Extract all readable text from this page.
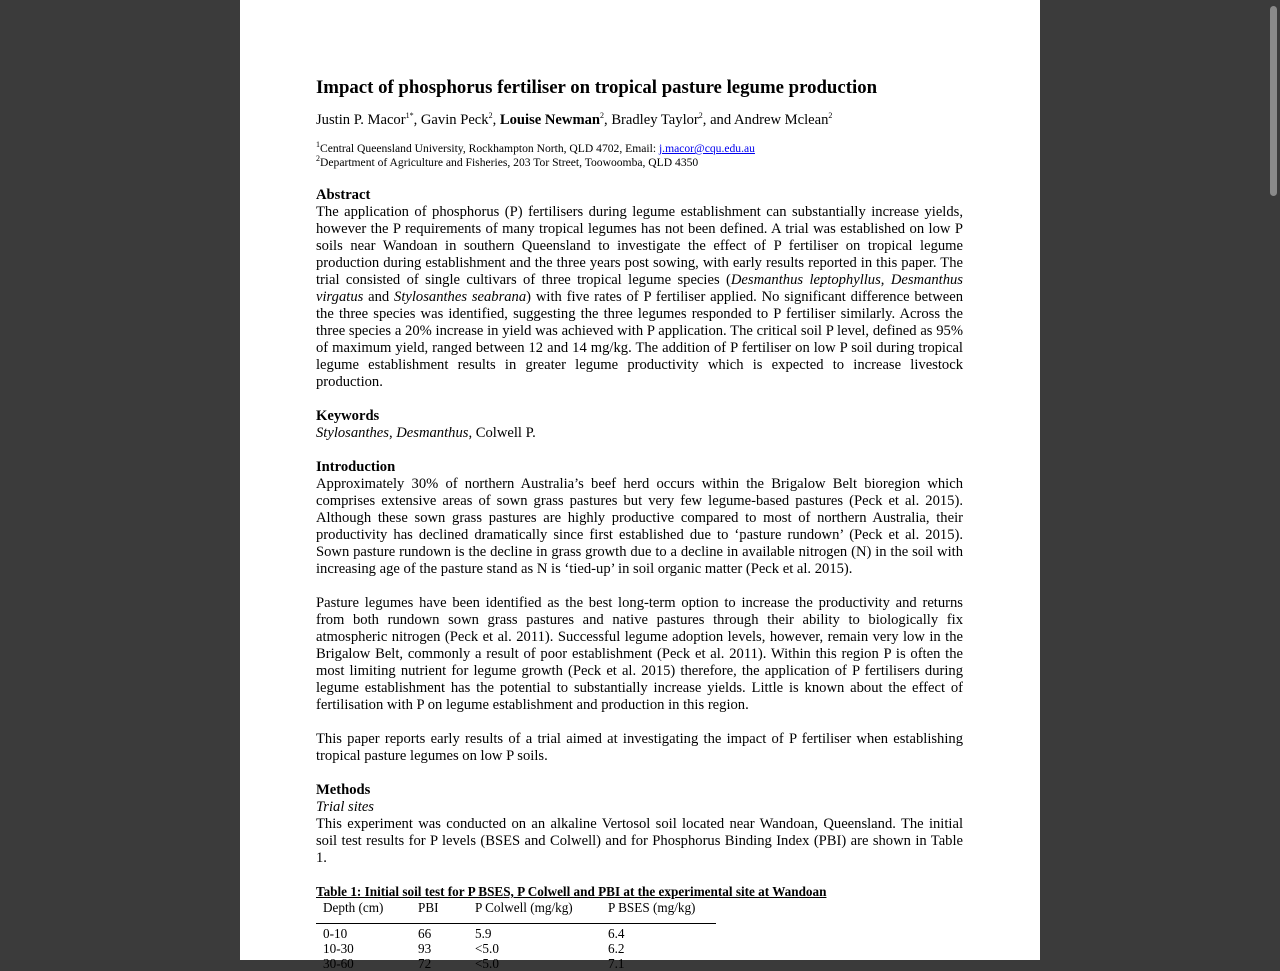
Impact of phosphorus fertiliser on tropical pasture legume production
Justin P. Macor$^{1*}$, Gavin Peck$^2$, Louise Newman$^2$, Bradley Taylor$^2$, and Andrew Mclean$^2$
$^1$Central Queensland University, Rockhampton North, QLD 4702, Email: j.macor@cqu.edu.au
$^2$Department of Agriculture and Fisheries, 203 Tor Street, Toowoomba, QLD 4350
Abstract

The application of phosphorus (P) fertilisers during legume establishment can substantially increase yields, however the P requirements of many tropical legumes has not been defined. A trial was established on low P soils near Wandoan in southern Queensland to investigate the effect of P fertiliser on tropical legume production during establishment and the three years post sowing, with early results reported in this paper. The trial consisted of single cultivars of three tropical legume species (Desmanthus leptophyllus, Desmanthus virgatus and Stylosanthes seabrana) with five rates of P fertiliser applied. No significant difference between the three species was identified, suggesting the three legumes responded to P fertiliser similarly. Across the three species a 20% increase in yield was achieved with P application. The critical soil P level, defined as 95% of maximum yield, ranged between 12 and 14 mg/kg. The addition of P fertiliser on low P soil during tropical legume establishment results in greater legume productivity which is expected to increase livestock production.

Keywords

Stylosanthes, Desmanthus, Colwell P.

Introduction

Approximately 30% of northern Australia’s beef herd occurs within the Brigalow Belt bioregion which comprises extensive areas of sown grass pastures but very few legume-based pastures (Peck et al. 2015). Although these sown grass pastures are highly productive compared to most of northern Australia, their productivity has declined dramatically since first established due to ‘pasture rundown’ (Peck et al. 2015). Sown pasture rundown is the decline in grass growth due to a decline in available nitrogen (N) in the soil with increasing age of the pasture stand as N is ‘tied-up’ in soil organic matter (Peck et al. 2015).

Pasture legumes have been identified as the best long-term option to increase the productivity and returns from both rundown sown grass pastures and native pastures through their ability to biologically fix atmospheric nitrogen (Peck et al. 2011). Successful legume adoption levels, however, remain very low in the Brigalow Belt, commonly a result of poor establishment (Peck et al. 2011). Within this region P is often the most limiting nutrient for legume growth (Peck et al. 2015) therefore, the application of P fertilisers during legume establishment has the potential to substantially increase yields. Little is known about the effect of fertilisation with P on legume establishment and production in this region.

This paper reports early results of a trial aimed at investigating the impact of P fertiliser when establishing tropical pasture legumes on low P soils.

Methods
Trial sites

This experiment was conducted on an alkaline Vertosol soil located near Wandoan, Queensland. The initial soil test results for P levels (BSES and Colwell) and for Phosphorus Binding Index (PBI) are shown in Table 1.

Table 1: Initial soil test for P BSES, P Colwell and PBI at the experimental site at Wandoan
Depth (cm)	PBI	P Colwell (mg/kg)	P BSES (mg/kg)
0-10	66	5.9	6.4
10-30	93	<5.0	6.2
30-60	72	<5.0	7.1
